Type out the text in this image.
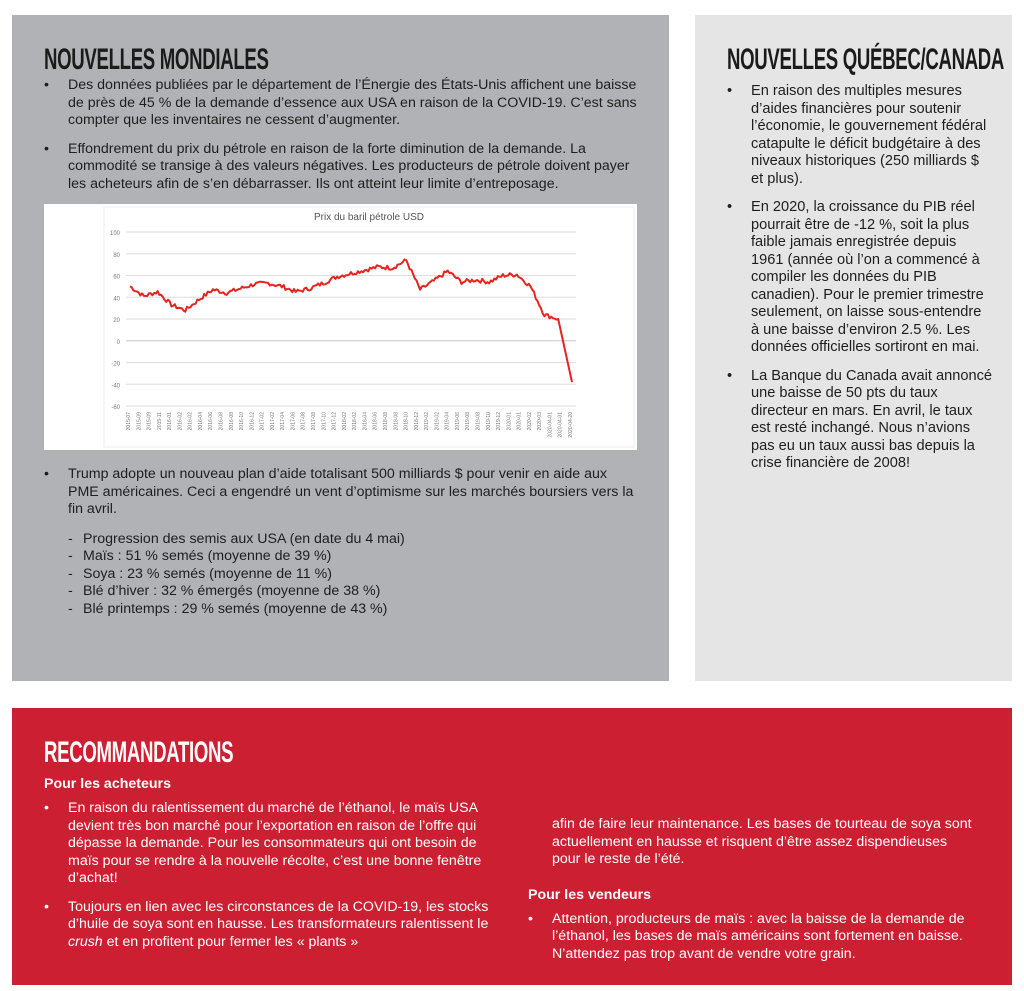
NOUVELLES MONDIALES
• Des données publiées par le département de l’Énergie des États-Unis affichent une baisse de près de 45 % de la demande d’essence aux USA en raison de la COVID-19. C’est sans compter que les inventaires ne cessent d’augmenter.
• Effondrement du prix du pétrole en raison de la forte diminution de la demande. La commodité se transige à des valeurs négatives. Les producteurs de pétrole doivent payer les acheteurs afin de s’en débarrasser. Ils ont atteint leur limite d’entreposage.
Prix du baril pétrole USD
100
80
60
40
20
0
-20
-40
-60
2015-07 2015-09 2015-09 2015-11 2016-01 2016-02 2016-02 2016-04 2016-06 2016-08 2016-08 2016-10 2016-12 2017-02 2017-02 2017-04 2017-06 2017-08 2017-08 2017-10 2017-12 2018-02 2018-02 2018-04 2018-06 2018-08 2018-08 2018-10 2018-12 2019-02 2019-02 2019-04 2019-06 2019-08 2019-08 2019-10 2019-12 2020-01 2020-01 2020-02 2020-03 2020-04-01 2020-04-01 2020-04-20
• Trump adopte un nouveau plan d’aide totalisant 500 milliards $ pour venir en aide aux PME américaines. Ceci a engendré un vent d’optimisme sur les marchés boursiers vers la fin avril.
- Progression des semis aux USA (en date du 4 mai)
- Maïs : 51 % semés (moyenne de 39 %)
- Soya : 23 % semés (moyenne de 11 %)
- Blé d’hiver : 32 % émergés (moyenne de 38 %)
- Blé printemps : 29 % semés (moyenne de 43 %)
NOUVELLES QUÉBEC/CANADA
• En raison des multiples mesures d’aides financières pour soutenir l’économie, le gouvernement fédéral catapulte le déficit budgétaire à des niveaux historiques (250 milliards $ et plus).
• En 2020, la croissance du PIB réel pourrait être de -12 %, soit la plus faible jamais enregistrée depuis 1961 (année où l’on a commencé à compiler les données du PIB canadien). Pour le premier trimestre seulement, on laisse sous-entendre à une baisse d’environ 2.5 %. Les données officielles sortiront en mai.
• La Banque du Canada avait annoncé une baisse de 50 pts du taux directeur en mars. En avril, le taux est resté inchangé. Nous n’avions pas eu un taux aussi bas depuis la crise financière de 2008!
RECOMMANDATIONS

Pour les acheteurs

• En raison du ralentissement du marché de l’éthanol, le maïs USA devient très bon marché pour l’exportation en raison de l’offre qui dépasse la demande. Pour les consommateurs qui ont besoin de maïs pour se rendre à la nouvelle récolte, c’est une bonne fenêtre d’achat!
• Toujours en lien avec les circonstances de la COVID-19, les stocks d’huile de soya sont en hausse. Les transformateurs ralentissent le crush et en profitent pour fermer les « plants »

afin de faire leur maintenance. Les bases de tourteau de soya sont actuellement en hausse et risquent d’être assez dispendieuses pour le reste de l’été.

Pour les vendeurs

• Attention, producteurs de maïs : avec la baisse de la demande de l’éthanol, les bases de maïs américains sont fortement en baisse. N’attendez pas trop avant de vendre votre grain.
